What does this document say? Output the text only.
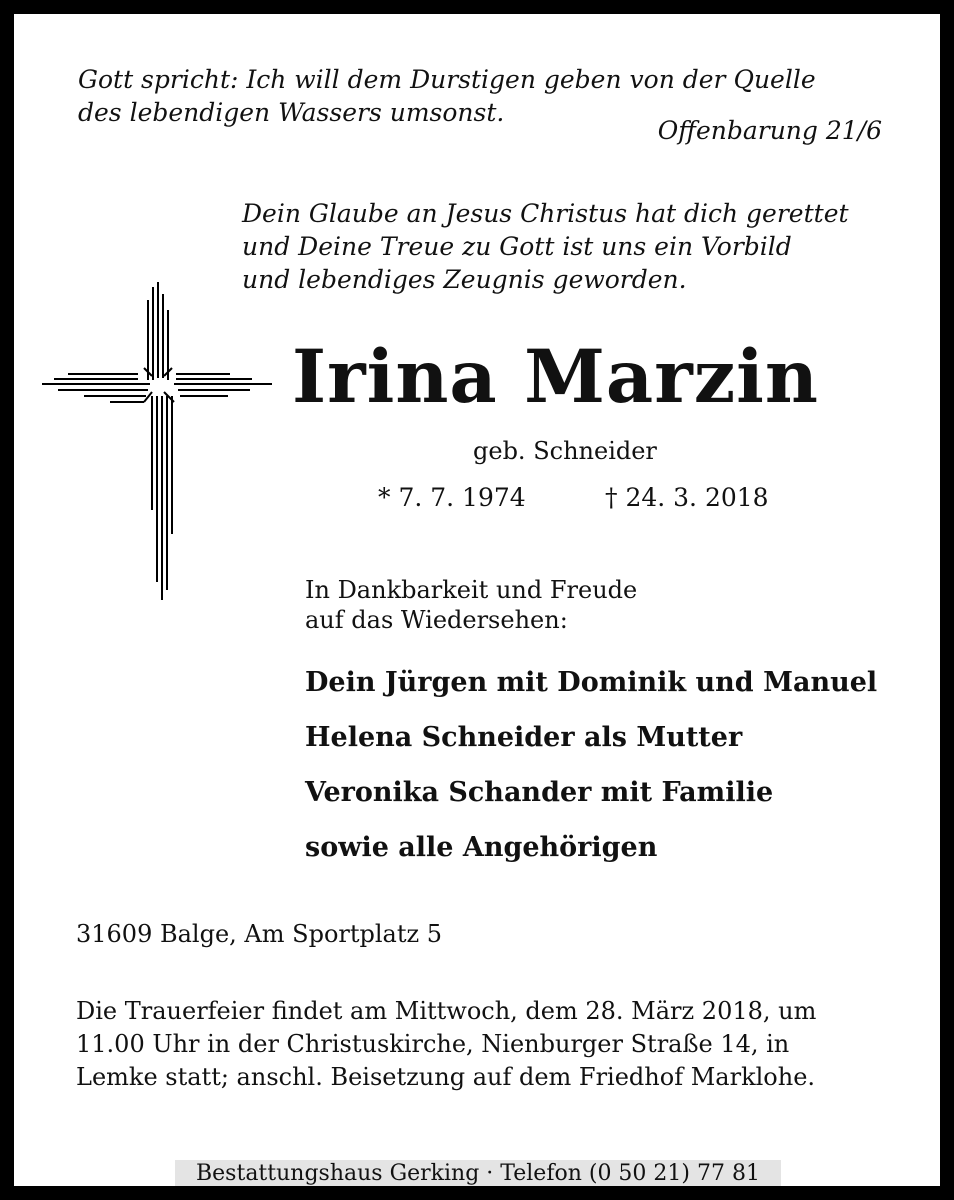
Gott spricht: Ich will dem Durstigen geben von der Quelle
des lebendigen Wassers umsonst.
Offenbarung 21/6
Dein Glaube an Jesus Christus hat dich gerettet
und Deine Treue zu Gott ist uns ein Vorbild
und lebendiges Zeugnis geworden.
Irina Marzin
geb. Schneider
* 7. 7. 1974	† 24. 3. 2018
In Dankbarkeit und Freude
auf das Wiedersehen:
Dein Jürgen mit Dominik und Manuel
Helena Schneider als Mutter
Veronika Schander mit Familie
sowie alle Angehörigen
31609 Balge, Am Sportplatz 5
Die Trauerfeier findet am Mittwoch, dem 28. März 2018, um
11.00 Uhr in der Christuskirche, Nienburger Straße 14, in
Lemke statt; anschl. Beisetzung auf dem Friedhof Marklohe.
Bestattungshaus Gerking · Telefon (0 50 21) 77 81
